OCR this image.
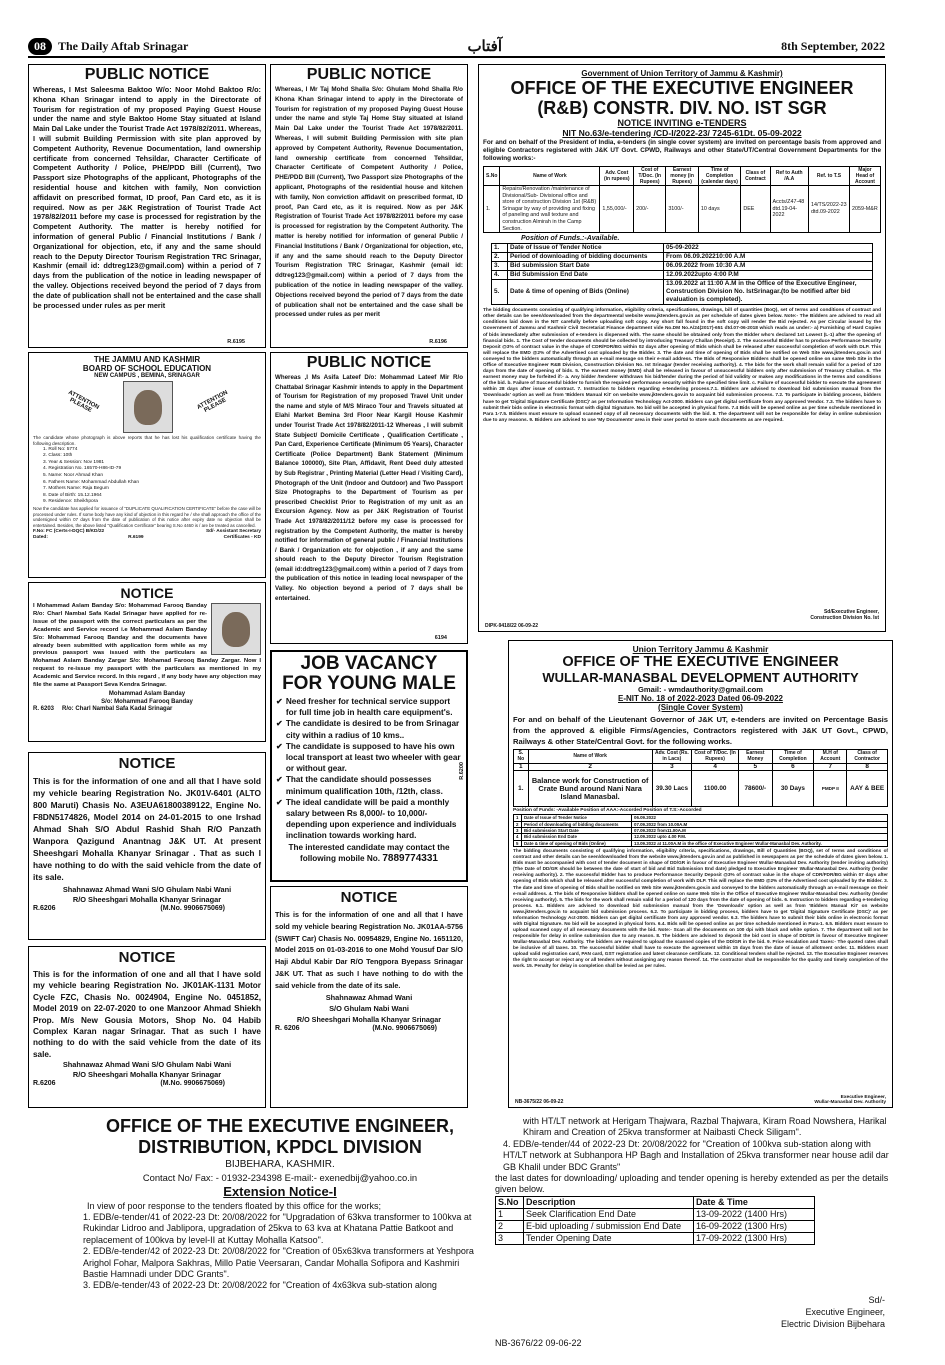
08	The Daily Aftab Srinagar	آفتاب	8th September, 2022
PUBLIC NOTICE
Whereas, I Mst Saleesma Baktoo W/o: Noor Mohd Baktoo R/o: Khona Khan Srinagar intend to apply in the Directorate of Tourism for registration of my proposed Paying Guest House under the name and style Baktoo Home Stay situated at Island Main Dal Lake under the Tourist Trade Act 1978/82/2011. Whereas, I will submit Building Permission with site plan approved by Competent Authority, Revenue Documentation, land ownership certificate from concerned Tehsildar, Character Certificate of Competent Authority / Police, PHE/PDD Bill (Current), Two Passport size Photographs of the applicant, Photographs of the residential house and kitchen with family, Non conviction affidavit on prescribed format, ID proof, Pan Card etc, as it is required. Now as per J&K Registration of Tourist Trade Act 1978/82/2011 before my case is processed for registration by the Competent Authority. The matter is hereby notified for information of general Public / Financial Institutions / Bank / Organizational for objection, etc, if any and the same should reach to the Deputy Director Tourism Registration TRC Srinagar, Kashmir (email id: ddtreg123@gmail.com) within a period of 7 days from the publication of the notice in leading newspaper of the valley. Objections received beyond the period of 7 days from the date of publication shall not be entertained and the case shall be processed under rules as per merit
R.6195
PUBLIC NOTICE
Whereas, I Mr Taj Mohd Shalla S/o: Ghulam Mohd Shalla R/o Khona Khan Srinagar intend to apply in the Directorate of Tourism for registration of my proposed Paying Guest House under the name and style Taj Home Stay situated at Island Main Dal Lake under the Tourist Trade Act 1978/82/2011. Whereas, I will submit Building Permission with site plan approved by Competent Authority, Revenue Documentation, land ownership certificate from concerned Tehsildar, Character Certificate of Competent Authority / Police, PHE/PDD Bill (Current), Two Passport size Photographs of the applicant, Photographs of the residential house and kitchen with family, Non conviction affidavit on prescribed format, ID proof, Pan Card etc, as it is required. Now as per J&K Registration of Tourist Trade Act 1978/82/2011 before my case is processed for registration by the Competent Authority. The matter is hereby notified for information of general Public / Financial Institutions / Bank / Organizational for objection, etc, if any and the same should reach to the Deputy Director Tourism Registration TRC Srinagar, Kashmir (email id: ddtreg123@gmail.com) within a period of 7 days from the publication of the notice in leading newspaper of the valley. Objections received beyond the period of 7 days from the date of publication shall not be entertained and the case shall be processed under rules as per merit
R.6196
THE JAMMU AND KASHMIR
BOARD OF SCHOOL EDUCATION
NEW CAMPUS , BEMINA, SRINAGAR
ATTENTION PLEASE	ATTENTION PLEASE
The candidate whose photograph is above reports that he has lost his qualification certificate having the following description.
1. Roll No: 5774
2. Class: 10th
3. Year & Session: Nov 1981
4. Registration No. 16570-H86-ID-79
5. Name: Noor Ahmad Khan
6. Fathers Name: Mohammad Abdullah Khan
7. Mothers Name: Raja Begum
8. Date of Birth: 15.12.1964
9. Residence: Sheikhpora
Now the candidate has applied for issuance of "DUPLICATE QUALIFICATION CERTIFICATE" before the case will be processed under rules. If some body have any kind of objection in this regard he / she shall approach the office of the undersigned within 07 days from the date of publication of this notice after expiry date no objection shall be entertained. Besides, the above listed "Qualification Certificate" bearing S.No 4460 is / are be treated as cancelled.
F.No: FC (Certs-I-DQC) B/KD/22	Sd/- Assistant Secretary
Dated:	R.6199	Certificates - KD
NOTICE
I Mohammad Aslam Banday S/o: Mohammad Farooq Banday R/o: Charl Nambal Safa Kadal Srinagar have applied for re-issue of the passport with the correct particulars as per the Academic and Service record i.e Mohammad Aslam Banday S/o: Mohammad Farooq Banday and the documents have already been submitted with application form while as my previous passport was issued with the particulars as Mohamad Aslam Banday Zargar S/o: Mohamad Farooq Banday Zargar. Now I request to re-issue my passport with the particulars as mentioned in my Academic and Service record. In this regard , if any body have any objection may file the same at Passport Seva Kendra Srinagar.
Mohammad Aslam Banday
S/o: Mohammad Farooq Banday
R. 6203 R/o: Charl Nambal Safa Kadal Srinagar
NOTICE
This is for the information of one and all that I have sold my vehicle bearing Registration No. JK01V-6401 (ALTO 800 Maruti) Chasis No. A3EUA61800389122, Engine No. F8DN5174826, Model 2014 on 24-01-2015 to one Irshad Ahmad Shah S/O Abdul Rashid Shah R/O Panzath Wanpora Qazigund Anantnag J&K UT. At present Sheeshgari Mohalla Khanyar Srinagar . That as such I have nothing to do with the said vehicle from the date of its sale.
Shahnawaz Ahmad Wani S/O Ghulam Nabi Wani
R/O Sheeshgari Mohalla Khanyar Srinagar
R.6206	(M.No. 9906675069)
NOTICE
This is for the information of one and all that I have sold my vehicle bearing Registration No. JK01AK-1131 Motor Cycle FZC, Chasis No. 0024904, Engine No. 0451852, Model 2019 on 22-07-2020 to one Manzoor Ahmad Shiekh Prop. M/s New Gousia Motors, Shop No. 04 Habib Complex Karan nagar Srinagar. That as such I have nothing to do with the said vehicle from the date of its sale.
Shahnawaz Ahmad Wani S/O Ghulam Nabi Wani
R/O Sheeshgari Mohalla Khanyar Srinagar
R.6206	(M.No. 9906675069)
PUBLIC NOTICE
Whereas ,I Ms Asifa Lateef D/o: Mohammad Lateef Mir R/o Chattabal Srinagar Kashmir intends to apply in the Department of Tourism for Registration of my proposed Travel Unit under the name and style of M/S Miraco Tour and Travels situated at Elahi Market Bemina 3rd Floor Near Kargil House Kashmir under Tourist Trade Act 1978/82/2011-12 Whereas , I will submit State Subject/ Domicile Certificate , Qualification Certificate , Pan Card, Experience Certificate (Minimum 05 Years), Character Certificate (Police Department) Bank Statement (Minimum Balance 100000), Site Plan, Affidavit, Rent Deed duly attested by Sub Registrar , Printing Material (Letter Head / Visiting Card), Photograph of the Unit (Indoor and Outdoor) and Two Passport Size Photographs to the Department of Tourism as per prescribed Checklist Prior to Registration of my unit as an Excursion Agency. Now as per J&K Registration of Tourist Trade Act 1978/82/2011/12 before my case is processed for registration by the Competent Authority, the matter is hereby notified for information of general public / Financial Institutions / Bank / Organization etc for objection , if any and the same should reach to the Deputy Director Tourism Registration (email id:ddtreg123@gmail.com) within a period of 7 days from the publication of this notice in leading local newspaper of the Valley. No objection beyond a period of 7 days shall be entertained.
6194
JOB VACANCY
FOR YOUNG MALE
✔ Need fresher for technical service support for full time job in health care equipment's.
✔ The candidate is desired to be from Srinagar city within a radius of 10 kms..
✔ The candidate is supposed to have his own local transport at least two wheeler with gear or without gear.
✔ That the candidate should possesses minimum qualification 10th, /12th, class.
✔ The ideal candidate will be paid a monthly salary between Rs 8,000/- to 10,000/- depending upon experience and individuals inclination towards working hard.
The interested candidate may contact the following mobile No. 7889774331
R.6200
NOTICE
This is for the information of one and all that I have sold my vehicle bearing Registration No. JK01AA-5756 (SWIFT Car) Chasis No. 00954829, Engine No. 1651120, Model 2015 on 01-03-2016 to one Mohd Yousuf Dar S/O Haji Abdul Kabir Dar R/O Tengpora Byepass Srinagar J&K UT. That as such I have nothing to do with the said vehicle from the date of its sale.
Shahnawaz Ahmad Wani
S/O Ghulam Nabi Wani
R/O Sheeshgari Mohalla Khanyar Srinagar
R. 6206	(M.No. 9906675069)
Government of Union Territory of Jammu & Kashmir)
OFFICE OF THE EXECUTIVE ENGINEER
(R&B) CONSTR. DIV. NO. IST SGR
NOTICE INVITING e-TENDERS
NIT No.63/e-tendering /CD-I/2022-23/ 7245-61Dt. 05-09-2022
For and on behalf of the President of India, e-tenders (in single cover system) are invited on percentage basis from approved and eligible Contractors registered with J&K UT Govt. CPWD, Railways and other State/UT/Central Government Departments for the following works:-
S.No	Name of Work	Adv. Cost (in rupees)	Cost of T/Doc. (In Rupees)	Earnest money (in Rupees)	Time of Completion (calendar days)	Class of Contract	Ref to Auth /A.A	Ref. to T.S	Major Head of Account
1.	Repairs/Renovation /maintenance of Divisional/Sub- Divisional office and store of construction Division 1st (R&B) Srinagar by way of providing and fixing of paneling and wall texture and construction Almirah in the Camp Section.	1,55,000/-	200/-	3100/-	10 days	DEE	Accts/Z47-48 dtd.19-04-2022	14/TS/2022-23 dtd.09-2022	2059-M&R
Position of Funds.:-Available.
1.	Date of Issue of Tender Notice	05-09-2022
2.	Period of downloading of bidding documents	From 06.09.202210:00 A.M
3.	Bid submission Start Date	06.09.2022 from 10:30 A.M
4.	Bid Submission End Date	12.09.2022upto 4:00 P.M
5.	Date & time of opening of Bids (Online)	13.09.2022 at 11:00 A.M in the Office of the Executive Engineer, Construction Division No. IstSrinagar.(to be notified after bid evaluation is completed).
The bidding documents consisting of qualifying information, eligibility criteria, specifications, drawings, bill of quantities (BoQ), set of terms and conditions of contract and other details can be seen/downloaded from the departmental website www.jktenders.gov.in as per schedule of dates given below. Note:- The Bidders are advised to read all conditions laid down in the NIT carefully before uploading soft copy. Any short fall found in the soft copy will render the Bid rejected. As per Circular issued by the Government of Jammu and Kashmir Civil Secretariat Finance department vide No.DM No.A/24(2017)-651 dtd.07-06-2018 which reads as under:- a) Furnishing of Hard Copies of bids immediately after submission of e-tenders is dispensed with. The same should be obtained only from the Bidder who's declared 1st Lowest (L-1) after the opening of financial bids. 1. The Cost of tender documents should be collected by introducing Treasury Challan (Receipt). 2. The successful Bidder has to produce Performance Security Deposit @3% of contract value in the shape of CDR/FDR/BG within 02 days after opening of Bids which shall be released after successful completion of work with DLP. This will replace the EMD @2% of the Advertised cost uploaded by the Bidder. 3. The date and time of opening of Bids shall be notified on Web Site www.jktenders.gov.in and conveyed to the bidders automatically through an e-mail message on their e-mail address. The Bids of Responsive Bidders shall be opened online on same Web Site in the Office of Executive Engineer R&B Division, Construction Division No. Ist Srinagar (tender receiving authority). 4. The bids for the work shall remain valid for a period of 120 days from the date of opening of bids. 5. The earnest money (EMD) shall be released in favour of unsuccessful bidders only after submission of Treasury Challan. 6. The earnest money may be forfeited if:- a. Any bidder /tenderer withdraws his bid/tender during the period of bid validity or makes any modifications in the terms and conditions of the bid. b. Failure of Successful bidder to furnish the required performance security within the specified time limit. c. Failure of successful bidder to execute the agreement within 28 days after issue of contract. 7. Instruction to bidders regarding e-tendering process.7.1. Bidders are advised to download bid submission manual from the 'Downloads' option as well as from 'Bidders Manual Kit' on website www.jktenders.gov.in to acquaint bid submission process. 7.2. To participate in bidding process, bidders have to get 'Digital Signature Certificate (DSC)' as per Information Technology Act-2000. Bidders can get digital certificate from any approved Vendor. 7.3. The bidders have to submit their bids online in electronic format with digital Signature. No bid will be accepted in physical form. 7.4 Bids will be opened online as per time schedule mentioned in Para 1-7.5. Bidders must ensure to upload scanned copy of all necessary documents with the bid. 8. The department will not be responsible for delay in online submission due to any reasons. 9. Bidders are advised to use 'My Documents' area in their user portal to store such documents as are required.
Sd/Executive Engineer,
Construction Division No. Ist
DIPK-9418/22 06-09-22
Union Territory Jammu & Kashmir
OFFICE OF THE EXECUTIVE ENGINEER
WULLAR-MANASBAL DEVELOPMENT AUTHORITY
Gmail: - wmdauthority@gmail.com
E-NIT No. 18 of 2022-2023 Dated 06-09-2022
(Single Cover System)
For and on behalf of the Lieutenant Governor of J&K UT, e-tenders are invited on Percentage Basis from the approved & eligible Firms/Agencies, Contractors registered with J&K UT Govt., CPWD, Railways & other State/Central Govt. for the following works.
S. No	Name of Work	Adv. Cost (Rs. in Lacs)	Cost of T/Doc. (In Rupees)	Earnest Money	Time of Completion	M.H of Account	Class of Contractor
1	2	3	4	5	6	7	8
1.	Balance work for Construction of Crate Bund around Nani Nara Island Manasbal.	39.30 Lacs	1100.00	78600/-	30 Days	PMDP II	AAY & BEE
Position of Funds: -Available Position of AAA:-Accorded Position of T.S:-Accorded
1	Date of Issue of Tender Notice	06.09.2022
2	Period of downloading of bidding documents	07.09.2022 from 10.00A.M
3	Bid submission Start Date	07.09.2022 from11.00A.M
4	Bid submission End Date	12.09.2022 upto 4.00 P.M.
5	Date & time of opening of Bids (Online)	13.09.2022 at 11.00A.M in the office of Executive Engineer Wullar-Manasbal Dev. Authority.
The bidding documents consisting of qualifying information, eligibility criteria, specifications, drawings, Bill of Quantities (BOQ), set of terms and conditions of contract and other details can be seen/downloaded from the website www.jktenders.gov.in and as published in newspapers as per the schedule of dates given below. 1. Bids must be accompanied with cost of tender document in shape of DD/GR in favour of Executive Engineer Wullar-Manasbal Dev. Authority (tender inviting authority) (The Date of DD/GR should be between the date of start of bid and Bid Submission End date) pledged to Executive Engineer Wullar-Manasbal Dev. Authority (tender receiving authority). 2. The successful Bidder has to produce Performance Security Deposit @3% of contract value in the shape of CDR/FDR/BG within 07 days after opening of Bids which shall be released after successful completion of work with DLP. This will replace the EMD @2% of the Advertised cost uploaded by the Bidder. 3. The date and time of opening of Bids shall be notified on Web Site www.jktenders.gov.in and conveyed to the bidders automatically through an e-mail message on their e-mail address. 4. The bids of Responsive bidders shall be opened online on same Web Site in the Office of Executive Engineer Wullar-Manasbal Dev. Authority (tender receiving authority). 5. The bids for the work shall remain valid for a period of 120 days from the date of opening of bids. 6. Instruction to bidders regarding e-tendering process. 6.1. Bidders are advised to download bid submission manual from the 'Downloads' option as well as from 'Bidders Manual Kit' on website www.jktenders.gov.in to acquaint bid submission process. 6.2. To participate in bidding process, bidders have to get 'Digital Signature Certificate (DSC)' as per Information Technology Act-2000. Bidders can get digital certificate from any approved vendor. 6.3. The bidders have to submit their bids online in electronic format with Digital Signature. No bid will be accepted in physical form. 6.4. Bids will be opened online as per time schedule mentioned in Para-1. 6.5. Bidders must ensure to upload scanned copy of all necessary documents with the bid. Note:- Scan all the documents on 100 dpi with black and white option. 7. The department will not be responsible for delay in online submission due to any reason. 8. The bidders are advised to deposit the bid cost in shape of DD/GR in favour of Executive Engineer Wullar-Manasbal Dev. Authority. The bidders are required to upload the scanned copies of the DD/GR in the bid. 9. Price escalation and Taxes:- The quoted rates shall be inclusive of all taxes. 10. The successful bidder shall have to execute the agreement within 15 days from the date of issue of allotment order. 11. Bidders must upload valid registration card, PAN card, GST registration and latest clearance certificate. 12. Conditional tenders shall be rejected. 13. The Executive Engineer reserves the right to accept or reject any or all tenders without assigning any reason thereof. 14. The contractor shall be responsible for the quality and timely completion of the work. 15. Penalty for delay in completion shall be levied as per rules.
Executive Engineer,
Wullar-Manasbal Dev. Authority
NB-3675/22 06-09-22
OFFICE OF THE EXECUTIVE ENGINEER,
DISTRIBUTION, KPDCL DIVISION
BIJBEHARA, KASHMIR.
Contact No/ Fax: - 01932-234398 E-mail:- exenedbij@yahoo.co.in
Extension Notice-I
In view of poor response to the tenders floated by this office for the works;
1. EDB/e-tender/41 of 2022-23 Dt: 20/08/2022 for "Upgradation of 63kva transformer to 100kva at Rukindar Lidroo and Jablipora, upgradation of 25kva to 63 kva at Khatana Pattie Batkoot and replacement of 100kva by level-II at Kuttay Mohalla Katsoo".
2. EDB/e-tender/42 of 2022-23 Dt: 20/08/2022 for "Creation of 05x63kva transformers at Yeshpora Arighol Fohar, Malpora Sakhras, Millo Patie Veersaran, Candar Mohalla Sofipora and Kashmiri Bastie Hamnadi under DDC Grants".
3. EDB/e-tender/43 of 2022-23 Dt: 20/08/2022 for "Creation of 4x63kva sub-station along
with HT/LT network at Herigam Thajwara, Razbal Thajwara, Kiram Road Nowshera, Harikal Khiram and Creation of 25kva transformer at Naibasti Check Siligam".
4. EDB/e-tender/44 of 2022-23 Dt: 20/08/2022 for "Creation of 100kva sub-station along with HT/LT network at Subhanpora HP Bagh and Installation of 25kva transformer near house adil dar GB Khalil under BDC Grants"
the last dates for downloading/ uploading and tender opening is hereby extended as per the details given below.
S.No	Description	Date & Time
1	Seek Clarification End Date	13-09-2022 (1400 Hrs)
2	E-bid uploading / submission End Date	16-09-2022 (1300 Hrs)
3	Tender Opening Date	17-09-2022 (1300 Hrs)
Sd/-
Executive Engineer,
Electric Division Bijbehara
NB-3676/22 09-06-22
